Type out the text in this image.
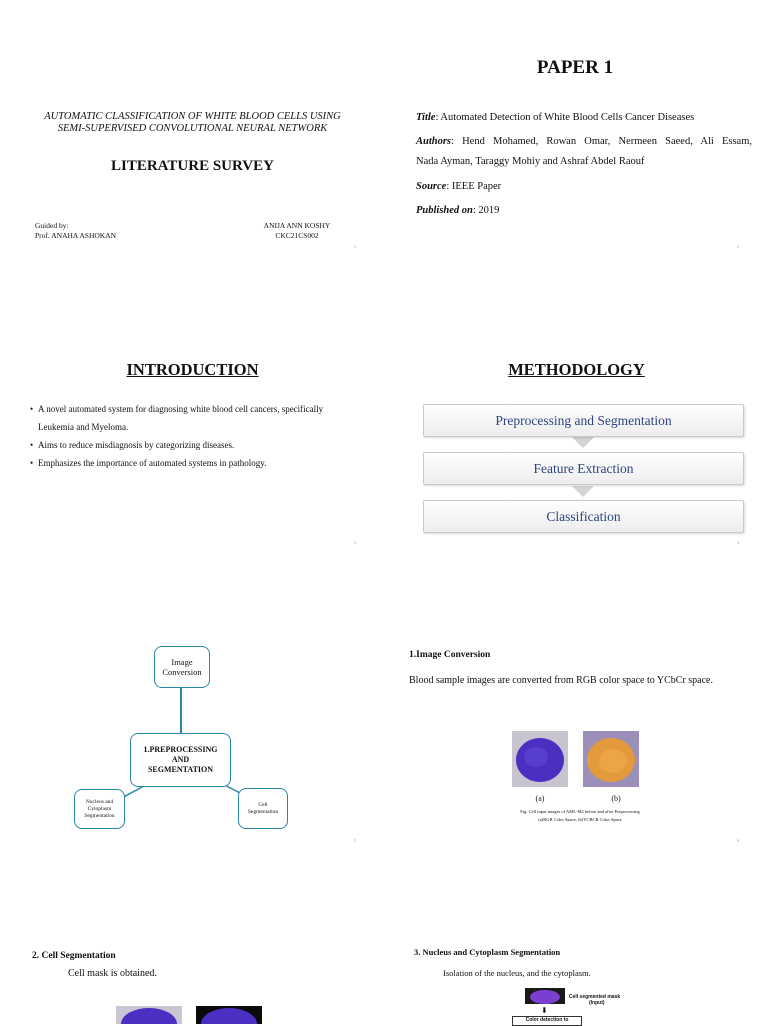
AUTOMATIC CLASSIFICATION OF WHITE BLOOD CELLS USING
SEMI-SUPERVISED CONVOLUTIONAL NEURAL NETWORK
LITERATURE SURVEY
Guided by:
Prof. ANAHA ASHOKAN
ANIJA ANN KOSHY
CKC21CS002
1
PAPER 1
Title: Automated Detection of White Blood Cells Cancer Diseases
Authors: Hend Mohamed, Rowan Omar, Nermeen Saeed, Ali Essam,
Nada Ayman, Taraggy Mohiy and Ashraf Abdel Raouf
Source: IEEE Paper
Published on: 2019
2
INTRODUCTION
• A novel automated system for diagnosing white blood cell cancers, specifically
Leukemia and Myeloma.
• Aims to reduce misdiagnosis by categorizing diseases.
• Emphasizes the importance of automated systems in pathology.
3
METHODOLOGY
Preprocessing and Segmentation
Feature Extraction
Classification
4
Image
Conversion
1.PREPROCESSING
AND
SEGMENTATION
Nucleus and
Cytoplasm
Segmentation
Cell
Segmentation
5
1.Image Conversion
Blood sample images are converted from RGB color space to YCbCr space.
(a)	(b)
Fig: Cell input images of AML-M2 before and after Preprocessing
(a)RGB Color Space, (b)YCBCR Color Space
6
2. Cell Segmentation
Cell mask is obtained.
3. Nucleus and Cytoplasm Segmentation
Isolation of the nucleus, and the cytoplasm.
Cell segmented mask
(Input)
⬇
Color detection to
